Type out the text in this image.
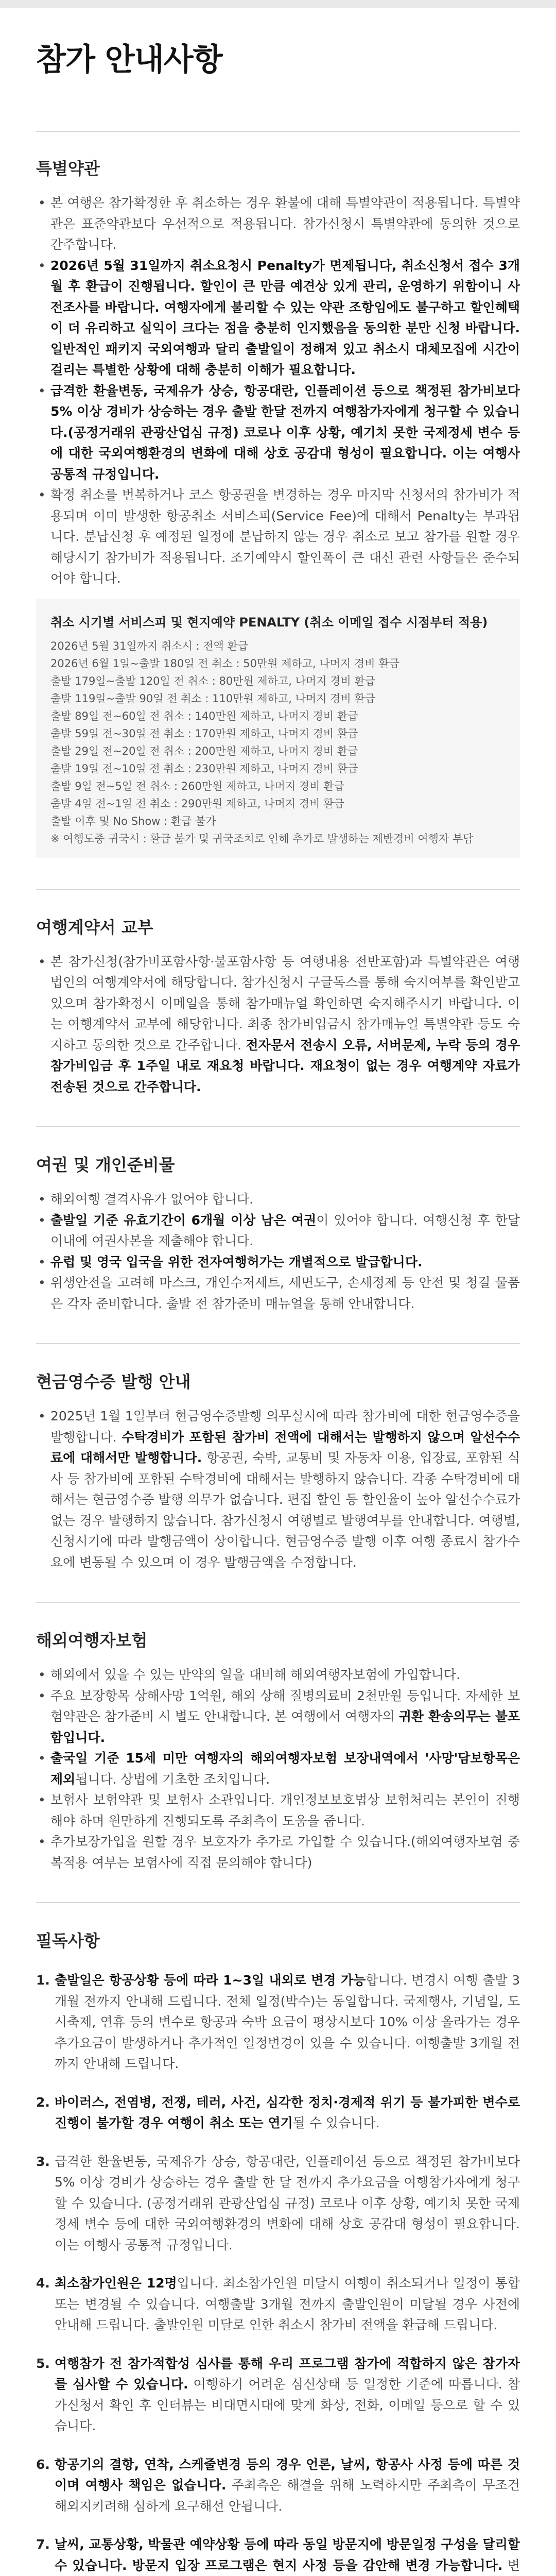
참가 안내사항
특별약관
• 본 여행은 참가확정한 후 취소하는 경우 환불에 대해 특별약관이 적용됩니다. 특별약관은 표준약관보다 우선적으로 적용됩니다. 참가신청시 특별약관에 동의한 것으로 간주합니다.
• 2026년 5월 31일까지 취소요청시 Penalty가 면제됩니다, 취소신청서 접수 3개월 후 환급이 진행됩니다. 할인이 큰 만큼 예견상 있게 관리, 운영하기 위함이니 사전조사를 바랍니다. 여행자에게 불리할 수 있는 약관 조항임에도 불구하고 할인혜택이 더 유리하고 실익이 크다는 점을 충분히 인지했음을 동의한 분만 신청 바랍니다. 일반적인 패키지 국외여행과 달리 출발일이 정해져 있고 취소시 대체모집에 시간이 걸리는 특별한 상황에 대해 충분히 이해가 필요합니다.
• 급격한 환율변동, 국제유가 상승, 항공대란, 인플레이션 등으로 책정된 참가비보다 5% 이상 경비가 상승하는 경우 출발 한달 전까지 여행참가자에게 청구할 수 있습니다.(공정거래위 관광산업심 규정) 코로나 이후 상황, 예기치 못한 국제정세 변수 등에 대한 국외여행환경의 변화에 대해 상호 공감대 형성이 필요합니다. 이는 여행사 공통적 규정입니다.
• 확정 취소를 번복하거나 코스 항공권을 변경하는 경우 마지막 신청서의 참가비가 적용되며 이미 발생한 항공취소 서비스피(Service Fee)에 대해서 Penalty는 부과됩니다. 분납신청 후 예정된 일정에 분납하지 않는 경우 취소로 보고 참가를 원할 경우 해당시기 참가비가 적용됩니다. 조기예약시 할인폭이 큰 대신 관련 사항들은 준수되어야 합니다.
취소 시기별 서비스피 및 현지예약 PENALTY (취소 이메일 접수 시점부터 적용)
2026년 5월 31일까지 취소시 : 전액 환급
2026년 6월 1일~출발 180일 전 취소 : 50만원 제하고, 나머지 경비 환급
출발 179일~출발 120일 전 취소 : 80만원 제하고, 나머지 경비 환급
출발 119일~출발 90일 전 취소 : 110만원 제하고, 나머지 경비 환급
출발 89일 전~60일 전 취소 : 140만원 제하고, 나머지 경비 환급
출발 59일 전~30일 전 취소 : 170만원 제하고, 나머지 경비 환급
출발 29일 전~20일 전 취소 : 200만원 제하고, 나머지 경비 환급
출발 19일 전~10일 전 취소 : 230만원 제하고, 나머지 경비 환급
출발 9일 전~5일 전 취소 : 260만원 제하고, 나머지 경비 환급
출발 4일 전~1일 전 취소 : 290만원 제하고, 나머지 경비 환급
출발 이후 및 No Show : 환급 불가
※ 여행도중 귀국시 : 환급 불가 및 귀국조치로 인해 추가로 발생하는 제반경비 여행자 부담
여행계약서 교부
• 본 참가신청(참가비포함사항·불포함사항 등 여행내용 전반포함)과 특별약관은 여행법인의 여행계약서에 해당합니다. 참가신청시 구글독스를 통해 숙지여부를 확인받고 있으며 참가확정시 이메일을 통해 참가매뉴얼 확인하면 숙지해주시기 바랍니다. 이는 여행계약서 교부에 해당합니다. 최종 참가비입금시 참가매뉴얼 특별약관 등도 숙지하고 동의한 것으로 간주합니다. 전자문서 전송시 오류, 서버문제, 누락 등의 경우 참가비입금 후 1주일 내로 재요청 바랍니다. 재요청이 없는 경우 여행계약 자료가 전송된 것으로 간주합니다.
여권 및 개인준비물
• 해외여행 결격사유가 없어야 합니다.
• 출발일 기준 유효기간이 6개월 이상 남은 여권이 있어야 합니다. 여행신청 후 한달 이내에 여권사본을 제출해야 합니다.
• 유럽 및 영국 입국을 위한 전자여행허가는 개별적으로 발급합니다.
• 위생안전을 고려해 마스크, 개인수저세트, 세면도구, 손세정제 등 안전 및 청결 물품은 각자 준비합니다. 출발 전 참가준비 매뉴얼을 통해 안내합니다.
현금영수증 발행 안내
• 2025년 1월 1일부터 현금영수증발행 의무실시에 따라 참가비에 대한 현금영수증을 발행합니다. 수탁경비가 포함된 참가비 전액에 대해서는 발행하지 않으며 알선수수료에 대해서만 발행합니다. 항공권, 숙박, 교통비 및 자동차 이용, 입장료, 포함된 식사 등 참가비에 포함된 수탁경비에 대해서는 발행하지 않습니다. 각종 수탁경비에 대해서는 현금영수증 발행 의무가 없습니다. 편집 할인 등 할인율이 높아 알선수수료가 없는 경우 발행하지 않습니다. 참가신청시 여행별로 발행여부를 안내합니다. 여행별, 신청시기에 따라 발행금액이 상이합니다. 현금영수증 발행 이후 여행 종료시 참가수요에 변동될 수 있으며 이 경우 발행금액을 수정합니다.
해외여행자보험
• 해외에서 있을 수 있는 만약의 일을 대비해 해외여행자보험에 가입합니다.
• 주요 보장항목 상해사망 1억원, 해외 상해 질병의료비 2천만원 등입니다. 자세한 보험약관은 참가준비 시 별도 안내합니다. 본 여행에서 여행자의 귀환 환송의무는 불포함입니다.
• 출국일 기준 15세 미만 여행자의 해외여행자보험 보장내역에서 '사망'담보항목은 제외됩니다. 상법에 기초한 조치입니다.
• 보험사 보험약관 및 보험사 소관입니다. 개인정보보호법상 보험처리는 본인이 진행해야 하며 원만하게 진행되도록 주최측이 도움을 줍니다.
• 추가보장가입을 원할 경우 보호자가 추가로 가입할 수 있습니다.(해외여행자보험 중복적용 여부는 보험사에 직접 문의해야 합니다)
필독사항
1. 출발일은 항공상황 등에 따라 1~3일 내외로 변경 가능합니다. 변경시 여행 출발 3개월 전까지 안내해 드립니다. 전체 일정(박수)는 동일합니다. 국제행사, 기념일, 도시축제, 연휴 등의 변수로 항공과 숙박 요금이 평상시보다 10% 이상 올라가는 경우 추가요금이 발생하거나 추가적인 일정변경이 있을 수 있습니다. 여행출발 3개월 전까지 안내해 드립니다.
2. 바이러스, 전염병, 전쟁, 테러, 사건, 심각한 정치·경제적 위기 등 불가피한 변수로 진행이 불가할 경우 여행이 취소 또는 연기될 수 있습니다.
3. 급격한 환율변동, 국제유가 상승, 항공대란, 인플레이션 등으로 책정된 참가비보다 5% 이상 경비가 상승하는 경우 출발 한 달 전까지 추가요금을 여행참가자에게 청구할 수 있습니다. (공정거래위 관광산업심 규정) 코로나 이후 상황, 예기치 못한 국제정세 변수 등에 대한 국외여행환경의 변화에 대해 상호 공감대 형성이 필요합니다. 이는 여행사 공통적 규정입니다.
4. 최소참가인원은 12명입니다. 최소참가인원 미달시 여행이 취소되거나 일정이 통합 또는 변경될 수 있습니다. 여행출발 3개월 전까지 출발인원이 미달될 경우 사전에 안내해 드립니다. 출발인원 미달로 인한 취소시 참가비 전액을 환급해 드립니다.
5. 여행참가 전 참가적합성 심사를 통해 우리 프로그램 참가에 적합하지 않은 참가자를 심사할 수 있습니다. 여행하기 어려운 심신상태 등 일정한 기준에 따릅니다. 참가신청서 확인 후 인터뷰는 비대면시대에 맞게 화상, 전화, 이메일 등으로 할 수 있습니다.
6. 항공기의 결항, 연착, 스케줄변경 등의 경우 언론, 날씨, 항공사 사정 등에 따른 것이며 여행사 책임은 없습니다. 주최측은 해결을 위해 노력하지만 주최측이 무조건 해외지키려해 심하게 요구해선 안됩니다.
7. 날씨, 교통상황, 박물관 예약상황 등에 따라 동일 방문지에 방문일정 구성을 달리할 수 있습니다. 방문지 입장 프로그램은 현지 사정 등을 감안해 변경 가능합니다. 변
